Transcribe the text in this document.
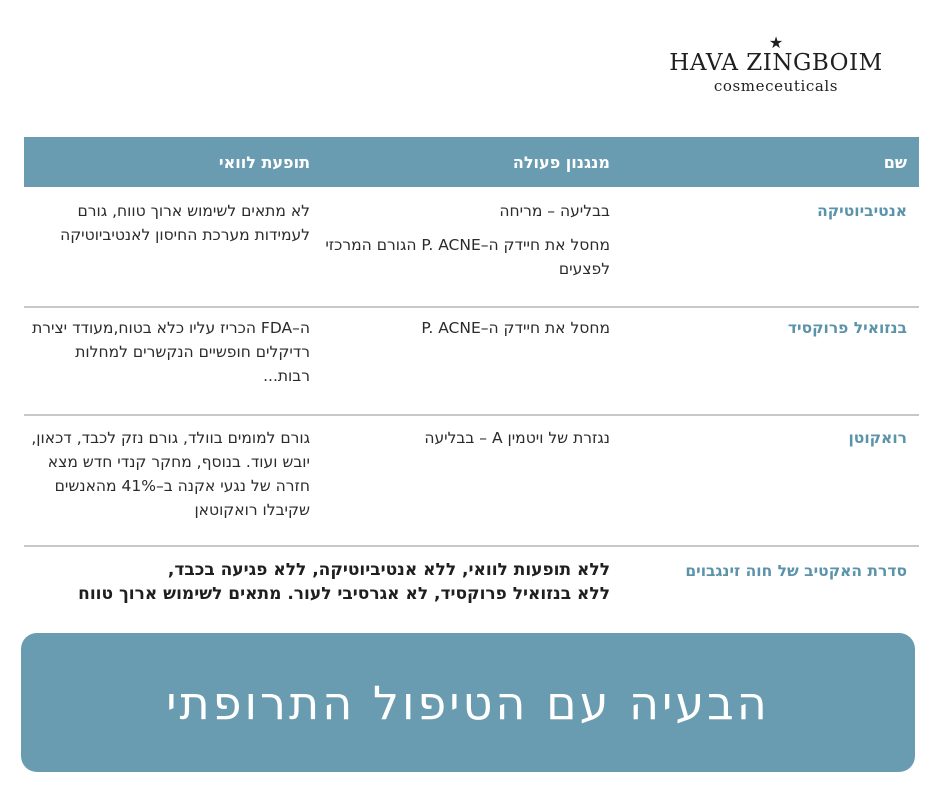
★
HAVA ZINGBOIM
cosmeceuticals
שם
מנגנון פעולה
תופעת לוואי
אנטיביוטיקה
בבליעה – מריחה
מחסל את חיידק ה–P. ACNE הגורם המרכזי לפצעים
לא מתאים לשימוש ארוך טווח, גורם לעמידות מערכת החיסון לאנטיביוטיקה
בנזואיל פרוקסיד
מחסל את חיידק ה–P. ACNE
ה–FDA הכריז עליו כלא בטוח,מעודד יצירת רדיקלים חופשיים הנקשרים למחלות רבות...
רואקוטן
נגזרת של ויטמין A – בבליעה
גורם למומים בוולד, גורם נזק לכבד, דכאון, יובש ועוד. בנוסף, מחקר קנדי חדש מצא חזרה של נגעי אקנה ב–41% מהאנשים שקיבלו רואקוטאן
סדרת האקטיב של חוה זינגבוים
ללא תופעות לוואי, ללא אנטיביוטיקה, ללא פגיעה בכבד,
ללא בנזואיל פרוקסיד, לא אגרסיבי לעור. מתאים לשימוש ארוך טווח
הבעיה עם הטיפול התרופתי
